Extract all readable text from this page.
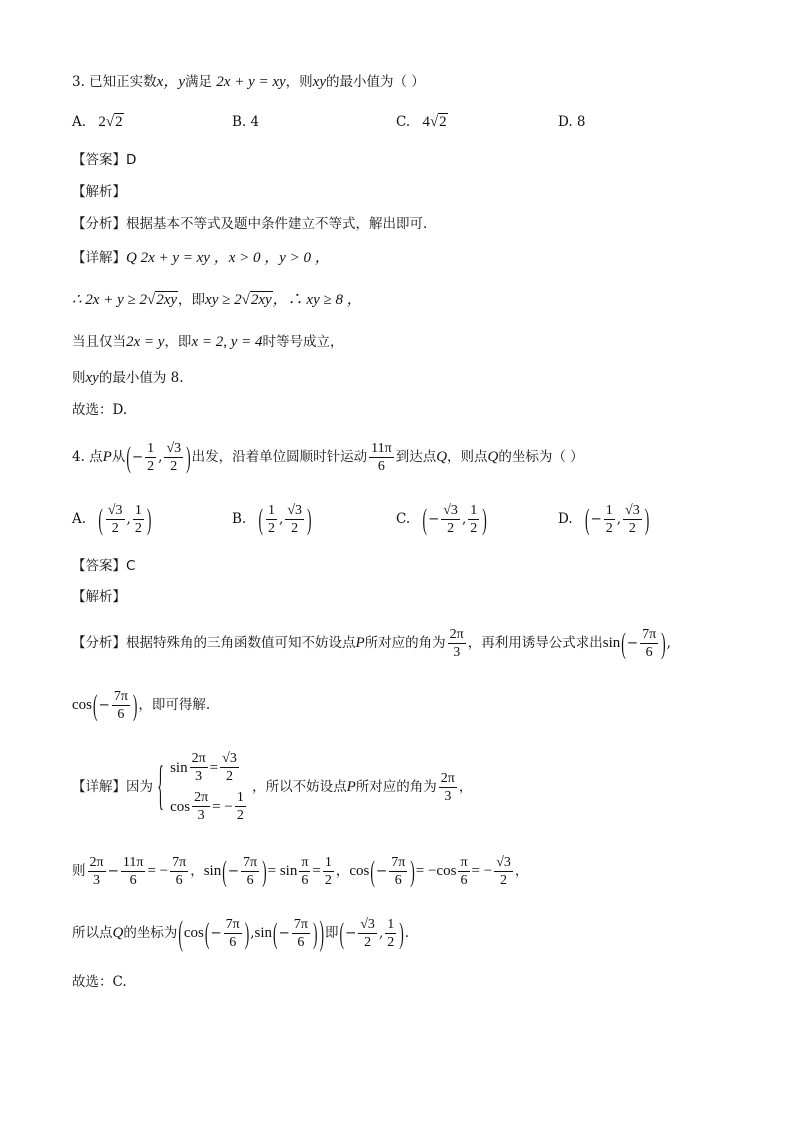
3. 已知正实数x，y满足 2x + y = xy，则xy的最小值为（ ）
A. 2√2	B. 4	C. 4√2	D. 8
【答案】D
【解析】
【分析】根据基本不等式及题中条件建立不等式，解出即可.
【详解】Q 2x + y = xy ，x > 0 ，y > 0 ，
∴ 2x + y ≥ 2√2xy，即xy ≥ 2√2xy，∴ xy ≥ 8 ，
当且仅当2x = y，即x = 2, y = 4时等号成立，
则xy的最小值为 8.
故选：D.
4. 点P从(− $\frac{1}{2}$ , $\frac{√3}{2}$ )出发，沿着单位圆顺时针运动 $\frac{11\pi}{6}$ 到达点Q，则点Q的坐标为（ ）
A. ( $\frac{√3}{2}$ , $\frac{1}{2}$ )	B. ( $\frac{1}{2}$ , $\frac{√3}{2}$ )	C. (− $\frac{√3}{2}$ , $\frac{1}{2}$ )	D. (− $\frac{1}{2}$ , $\frac{√3}{2}$ )
【答案】C
【解析】
【分析】根据特殊角的三角函数值可知不妨设点P所对应的角为 $\frac{2\pi}{3}$ ，再利用诱导公式求出$\sin(- \frac{7\pi}{6}$ ),
$\cos(- \frac{7\pi}{6}$ )，即可得解.
【详解】因为 { $\sin \frac{2\pi}{3} = \frac{√3}{2}$
$\cos \frac{2\pi}{3}$ = − $\frac{1}{2}$
，所以不妨设点P所对应的角为 $\frac{2\pi}{3}$ ，
则 $\frac{2\pi}{3} - \frac{11\pi}{6}$ = − $\frac{7\pi}{6}$ ，$\sin(- \frac{7\pi}{6}$ )= $\sin \frac{\pi}{6} = \frac{1}{2}$ ，$\cos(- \frac{7\pi}{6}$ )= $-\cos \frac{\pi}{6}$ = − $\frac{√3}{2}$ ，
所以点Q的坐标为($\cos(- \frac{7\pi}{6} ),\sin(- \frac{7\pi}{6}$ ) )即(− $\frac{√3}{2}$ , $\frac{1}{2}$ ).
故选：C.
